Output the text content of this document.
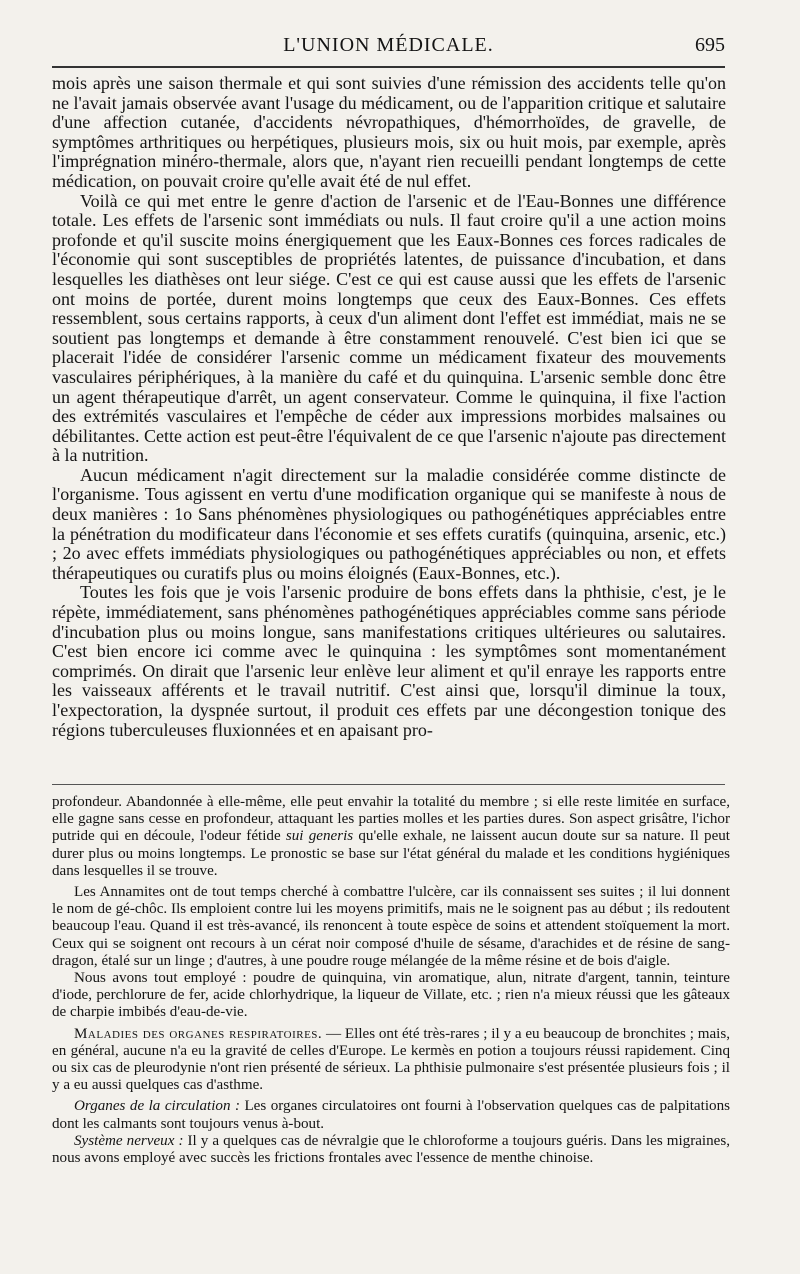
L'UNION MÉDICALE.	695

mois après une saison thermale et qui sont suivies d'une rémission des accidents telle qu'on ne l'avait jamais observée avant l'usage du médicament, ou de l'apparition critique et salutaire d'une affection cutanée, d'accidents névropathiques, d'hémorrhoïdes, de gravelle, de symptômes arthritiques ou herpétiques, plusieurs mois, six ou huit mois, par exemple, après l'imprégnation minéro-thermale, alors que, n'ayant rien recueilli pendant longtemps de cette médication, on pouvait croire qu'elle avait été de nul effet.

Voilà ce qui met entre le genre d'action de l'arsenic et de l'Eau-Bonnes une différence totale. Les effets de l'arsenic sont immédiats ou nuls. Il faut croire qu'il a une action moins profonde et qu'il suscite moins énergiquement que les Eaux-Bonnes ces forces radicales de l'économie qui sont susceptibles de propriétés latentes, de puissance d'incubation, et dans lesquelles les diathèses ont leur siége. C'est ce qui est cause aussi que les effets de l'arsenic ont moins de portée, durent moins longtemps que ceux des Eaux-Bonnes. Ces effets ressemblent, sous certains rapports, à ceux d'un aliment dont l'effet est immédiat, mais ne se soutient pas longtemps et demande à être constamment renouvelé. C'est bien ici que se placerait l'idée de considérer l'arsenic comme un médicament fixateur des mouvements vasculaires périphériques, à la manière du café et du quinquina. L'arsenic semble donc être un agent thérapeutique d'arrêt, un agent conservateur. Comme le quinquina, il fixe l'action des extrémités vasculaires et l'empêche de céder aux impressions morbides malsaines ou débilitantes. Cette action est peut-être l'équivalent de ce que l'arsenic n'ajoute pas directement à la nutrition.

Aucun médicament n'agit directement sur la maladie considérée comme distincte de l'organisme. Tous agissent en vertu d'une modification organique qui se manifeste à nous de deux manières : 1o Sans phénomènes physiologiques ou pathogénétiques appréciables entre la pénétration du modificateur dans l'économie et ses effets curatifs (quinquina, arsenic, etc.) ; 2o avec effets immédiats physiologiques ou pathogénétiques appréciables ou non, et effets thérapeutiques ou curatifs plus ou moins éloignés (Eaux-Bonnes, etc.).

Toutes les fois que je vois l'arsenic produire de bons effets dans la phthisie, c'est, je le répète, immédiatement, sans phénomènes pathogénétiques appréciables comme sans période d'incubation plus ou moins longue, sans manifestations critiques ultérieures ou salutaires. C'est bien encore ici comme avec le quinquina : les symptômes sont momentanément comprimés. On dirait que l'arsenic leur enlève leur aliment et qu'il enraye les rapports entre les vaisseaux afférents et le travail nutritif. C'est ainsi que, lorsqu'il diminue la toux, l'expectoration, la dyspnée surtout, il produit ces effets par une décongestion tonique des régions tuberculeuses fluxionnées et en apaisant pro-

profondeur. Abandonnée à elle-même, elle peut envahir la totalité du membre ; si elle reste limitée en surface, elle gagne sans cesse en profondeur, attaquant les parties molles et les parties dures. Son aspect grisâtre, l'ichor putride qui en découle, l'odeur fétide sui generis qu'elle exhale, ne laissent aucun doute sur sa nature. Il peut durer plus ou moins longtemps. Le pronostic se base sur l'état général du malade et les conditions hygiéniques dans lesquelles il se trouve.

Les Annamites ont de tout temps cherché à combattre l'ulcère, car ils connaissent ses suites ; il lui donnent le nom de gé-chôc. Ils emploient contre lui les moyens primitifs, mais ne le soignent pas au début ; ils redoutent beaucoup l'eau. Quand il est très-avancé, ils renoncent à toute espèce de soins et attendent stoïquement la mort. Ceux qui se soignent ont recours à un cérat noir composé d'huile de sésame, d'arachides et de résine de sang-dragon, étalé sur un linge ; d'autres, à une poudre rouge mélangée de la même résine et de bois d'aigle.

Nous avons tout employé : poudre de quinquina, vin aromatique, alun, nitrate d'argent, tannin, teinture d'iode, perchlorure de fer, acide chlorhydrique, la liqueur de Villate, etc. ; rien n'a mieux réussi que les gâteaux de charpie imbibés d'eau-de-vie.

Maladies des organes respiratoires. — Elles ont été très-rares ; il y a eu beaucoup de bronchites ; mais, en général, aucune n'a eu la gravité de celles d'Europe. Le kermès en potion a toujours réussi rapidement. Cinq ou six cas de pleurodynie n'ont rien présenté de sérieux. La phthisie pulmonaire s'est présentée plusieurs fois ; il y a eu aussi quelques cas d'asthme.

Organes de la circulation : Les organes circulatoires ont fourni à l'observation quelques cas de palpitations dont les calmants sont toujours venus à-bout.

Système nerveux : Il y a quelques cas de névralgie que le chloroforme a toujours guéris. Dans les migraines, nous avons employé avec succès les frictions frontales avec l'essence de menthe chinoise.
